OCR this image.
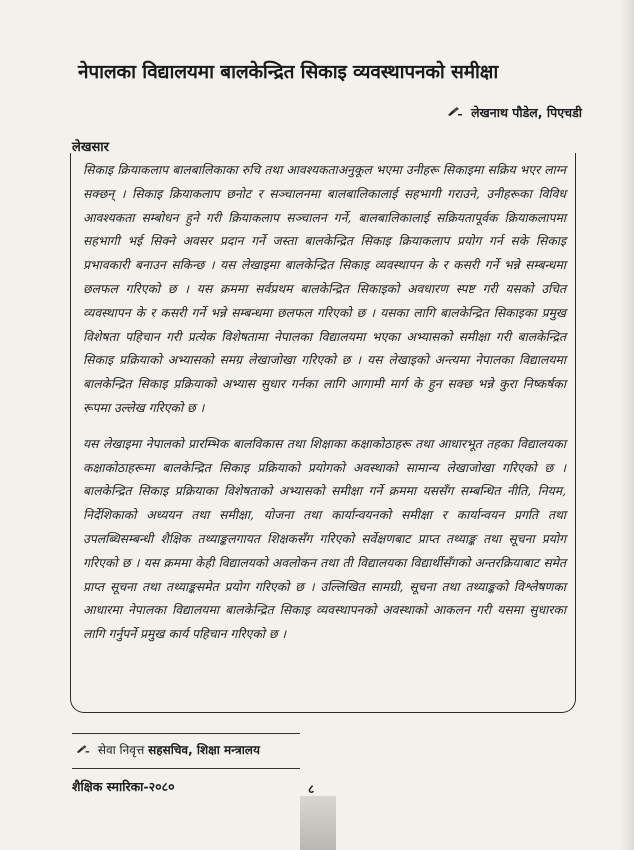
नेपालका विद्यालयमा बालकेन्द्रित सिकाइ व्यवस्थापनको समीक्षा
लेखनाथ पौडेल, पिएचडी
लेखसार

सिकाइ क्रियाकलाप बालबालिकाका रुचि तथा आवश्यकताअनुकूल भएमा उनीहरू सिकाइमा सक्रिय भएर लाग्न सक्छन् । सिकाइ क्रियाकलाप छनोट र सञ्चालनमा बालबालिकालाई सहभागी गराउने, उनीहरूका विविध आवश्यकता सम्बोधन हुने गरी क्रियाकलाप सञ्चालन गर्ने, बालबालिकालाई सक्रियतापूर्वक क्रियाकलापमा सहभागी भई सिक्ने अवसर प्रदान गर्ने जस्ता बालकेन्द्रित सिकाइ क्रियाकलाप प्रयोग गर्न सके सिकाइ प्रभावकारी बनाउन सकिन्छ । यस लेखाइमा बालकेन्द्रित सिकाइ व्यवस्थापन के र कसरी गर्ने भन्ने सम्बन्धमा छलफल गरिएको छ । यस क्रममा सर्वप्रथम बालकेन्द्रित सिकाइको अवधारण स्पष्ट गरी यसको उचित व्यवस्थापन के र कसरी गर्ने भन्ने सम्बन्धमा छलफल गरिएको छ । यसका लागि बालकेन्द्रित सिकाइका प्रमुख विशेषता पहिचान गरी प्रत्येक विशेषतामा नेपालका विद्यालयमा भएका अभ्यासको समीक्षा गरी बालकेन्द्रित सिकाइ प्रक्रियाको अभ्यासको समग्र लेखाजोखा गरिएको छ । यस लेखाइको अन्त्यमा नेपालका विद्यालयमा बालकेन्द्रित सिकाइ प्रक्रियाको अभ्यास सुधार गर्नका लागि आगामी मार्ग के हुन सक्छ भन्ने कुरा निष्कर्षका रूपमा उल्लेख गरिएको छ ।

यस लेखाइमा नेपालको प्रारम्भिक बालविकास तथा शिक्षाका कक्षाकोठाहरू तथा आधारभूत तहका विद्यालयका कक्षाकोठाहरूमा बालकेन्द्रित सिकाइ प्रक्रियाको प्रयोगको अवस्थाको सामान्य लेखाजोखा गरिएको छ । बालकेन्द्रित सिकाइ प्रक्रियाका विशेषताको अभ्यासको समीक्षा गर्ने क्रममा यससँग सम्बन्धित नीति, नियम, निर्देशिकाको अध्ययन तथा समीक्षा, योजना तथा कार्यान्वयनको समीक्षा र कार्यान्वयन प्रगति तथा उपलब्धिसम्बन्धी शैक्षिक तथ्याङ्कलगायत शिक्षकसँग गरिएको सर्वेक्षणबाट प्राप्त तथ्याङ्क तथा सूचना प्रयोग गरिएको छ । यस क्रममा केही विद्यालयको अवलोकन तथा ती विद्यालयका विद्यार्थीसँगको अन्तरक्रियाबाट समेत प्राप्त सूचना तथा तथ्याङ्कसमेत प्रयोग गरिएको छ । उल्लिखित सामग्री, सूचना तथा तथ्याङ्कको विश्लेषणका आधारमा नेपालका विद्यालयमा बालकेन्द्रित सिकाइ व्यवस्थापनको अवस्थाको आकलन गरी यसमा सुधारका लागि गर्नुपर्ने प्रमुख कार्य पहिचान गरिएको छ ।

सेवा निवृत्त सहसचिव, शिक्षा मन्त्रालय
शैक्षिक स्मारिका-२०८०	८
